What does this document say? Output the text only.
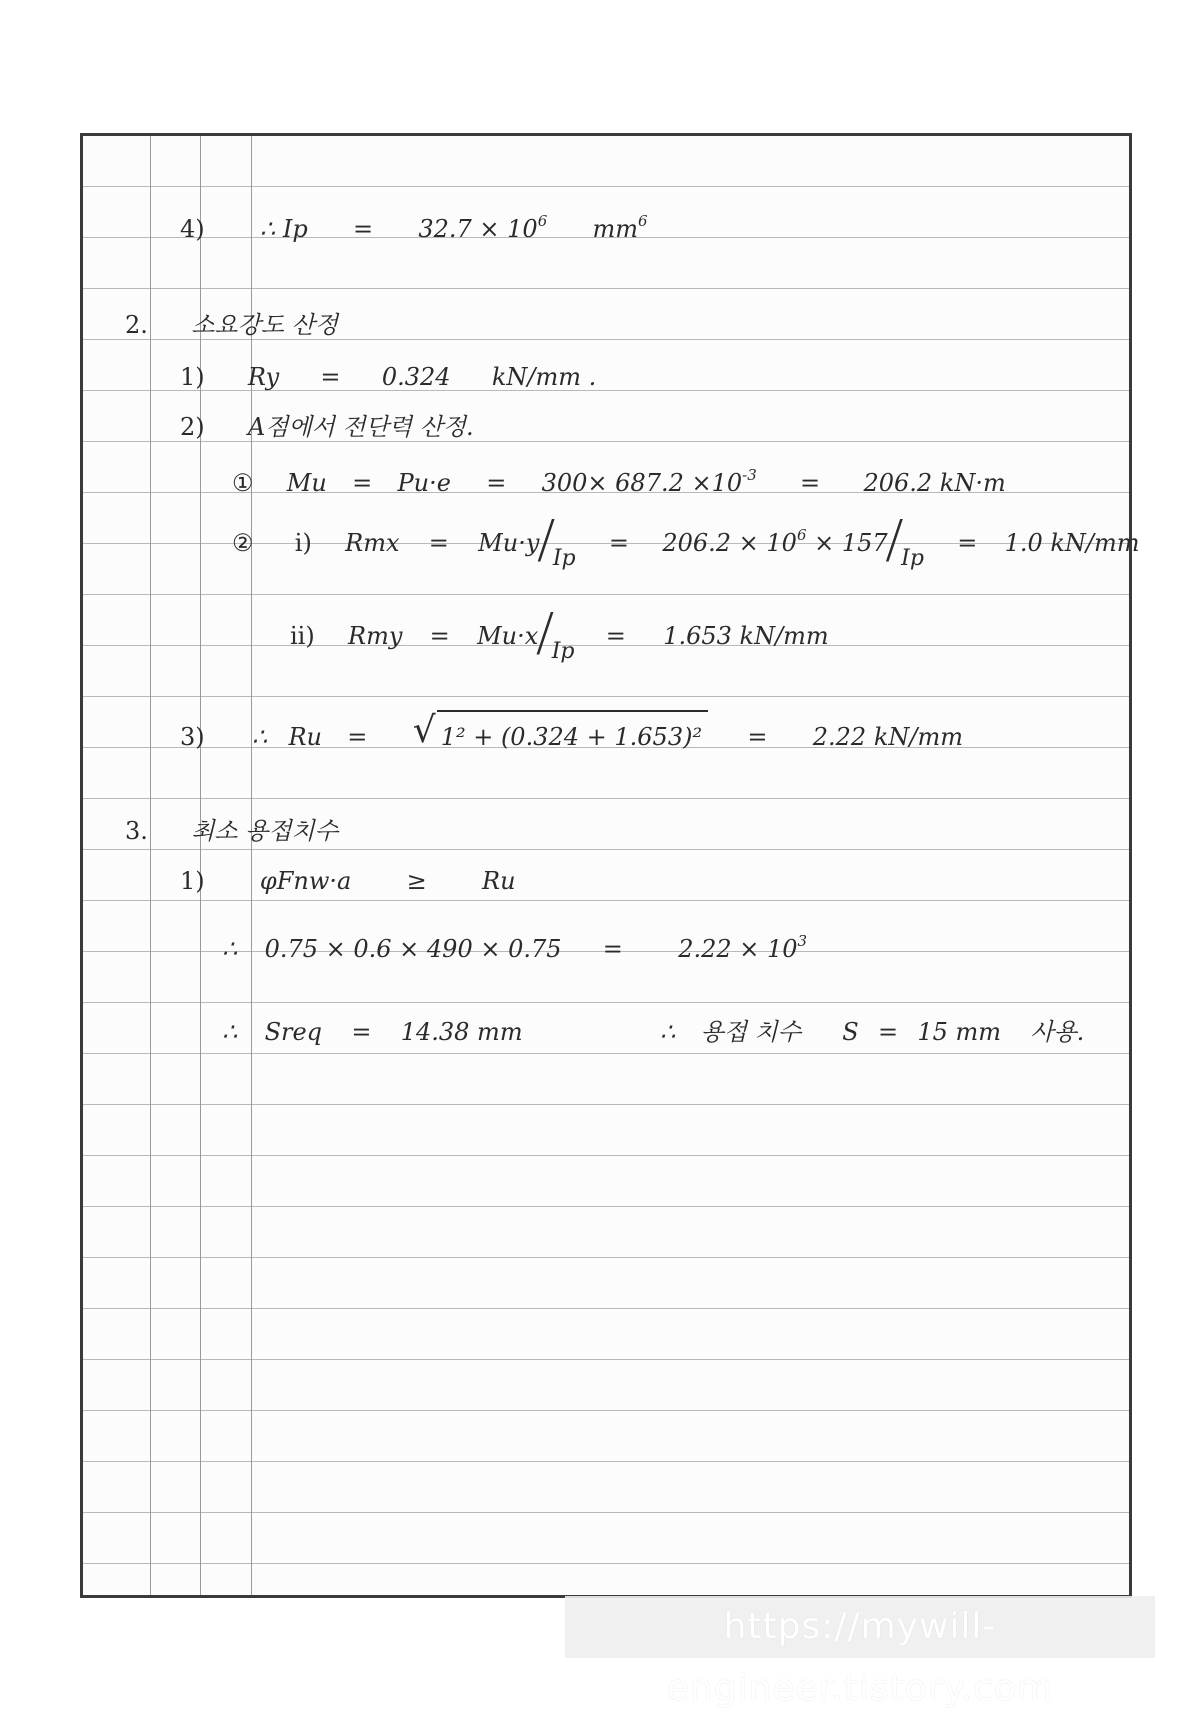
4) ∴ $Ip = 32.7 \times 10^6$ $mm^6$
2. 소요강도 산정
1) Ry = 0.324 kN/mm .
2) A점에서 전단력 산정.
① $Mu = Pu\cdot e = 300\times 687.2 \times 10^{-3} = 206.2$ kN·m
② i) Rmx = $Mu\cdot y/Ip = 206.2 \times 10^6 \times 157/Ip = 1.0$ kN/mm
ii) Rmy = Mu·x/Ip  = 1.653 kN/mm
3) ∴ Ru = √ 1² + (0.324 + 1.653)² = 2.22 kN/mm
3. 최소 용접치수
1) φFnw·a ≥ Ru
∴ $0.75 \times 0.6 \times 490 \times 0.75 = 2.22 \times 10^3$
∴ Sreq = 14.38 mm	∴ 용접 치수 S = 15 mm 사용.
https://mywill-engineer.tistory.com
